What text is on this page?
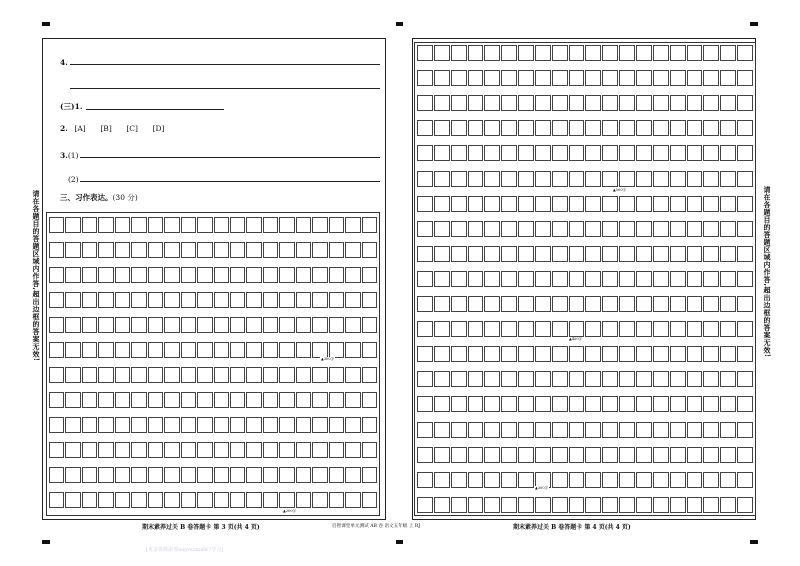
4.
(三)1.
2. [A] [B] [C] [D]
3.(1)
(2)
三、习作表达。(30 分)
▲300字
▲200字
期末素养过关 B 卷答题卡 第 3 页(共 4 页)
▲500字
▲400字
▲300字
期末素养过关 B 卷答题卡 第 4 页(共 4 页)
请在各题目的答题区域内作答,超出边框的答案无效!	请在各题目的答题区域内作答,超出边框的答案无效!
启智课堂单元测试 AB 卷 语文五年级 上 RJ
[更多资源添加wxyoumo667学习]
